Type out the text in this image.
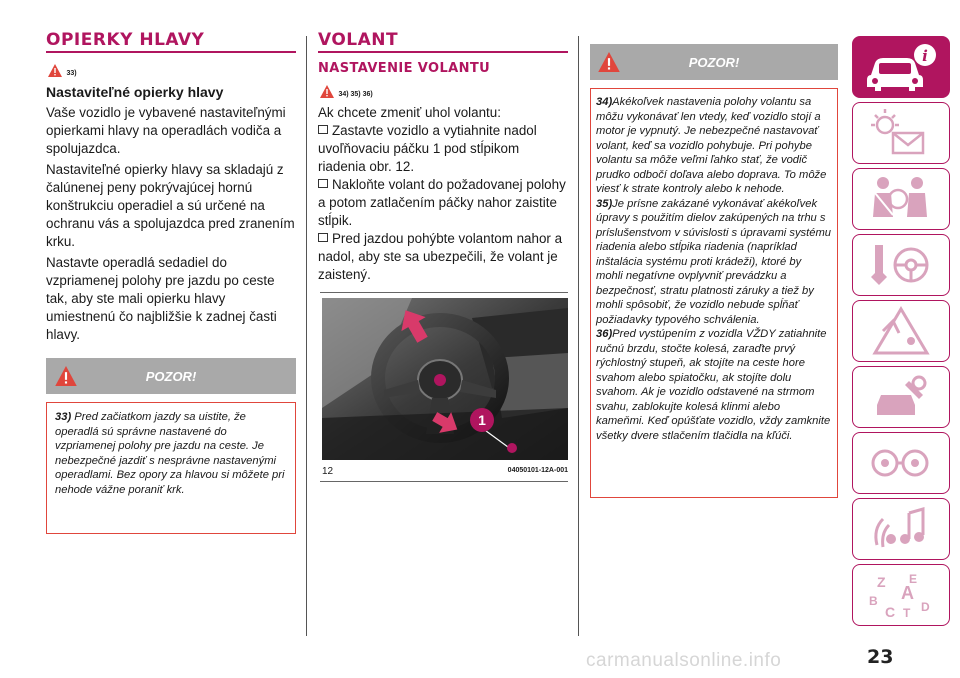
OPIERKY HLAVY
33)
Nastaviteľné opierky hlavy

Vaše vozidlo je vybavené nastaviteľnými opierkami hlavy na operadlách vodiča a spolujazdca.

Nastaviteľné opierky hlavy sa skladajú z čalúnenej peny pokrývajúcej hornú konštrukciu operadiel a sú určené na ochranu vás a spolujazdca pred zranením krku.

Nastavte operadlá sedadiel do vzpriamenej polohy pre jazdu po ceste tak, aby ste mali opierku hlavy umiestnenú čo najbližšie k zadnej časti hlavy.

POZOR!

33) Pred začiatkom jazdy sa uistite, že operadlá sú správne nastavené do vzpriamenej polohy pre jazdu na ceste. Je nebezpečné jazdiť s nesprávne nastavenými operadlami. Bez opory za hlavou si môžete pri nehode vážne poraniť krk.

VOLANT
NASTAVENIE VOLANTU
34) 35) 36)

Ak chcete zmeniť uhol volantu:

Zastavte vozidlo a vytiahnite nadol uvoľňovaciu páčku 1 pod stĺpikom riadenia obr. 12.

Nakloňte volant do požadovanej polohy a potom zatlačením páčky nahor zaistite stĺpik.

Pred jazdou pohýbte volantom nahor a nadol, aby ste sa ubezpečili, že volant je zaistený.

1
12	04050101-12A-001
POZOR!

34)Akékoľvek nastavenia polohy volantu sa môžu vykonávať len vtedy, keď vozidlo stojí a motor je vypnutý. Je nebezpečné nastavovať volant, keď sa vozidlo pohybuje. Pri pohybe volantu sa môže veľmi ľahko stať, že vodič prudko odbočí doľava alebo doprava. To môže viesť k strate kontroly alebo k nehode.

35)Je prísne zakázané vykonávať akékoľvek úpravy s použitím dielov zakúpených na trhu s príslušenstvom v súvislosti s úpravami systému riadenia alebo stĺpika riadenia (napríklad inštalácia systému proti krádeži), ktoré by mohli negatívne ovplyvniť prevádzku a bezpečnosť, stratu platnosti záruky a tiež by mohli spôsobiť, že vozidlo nebude spĺňať požiadavky typového schválenia.

36)Pred vystúpením z vozidla VŽDY zatiahnite ručnú brzdu, stočte kolesá, zaraďte prvý rýchlostný stupeň, ak stojíte na ceste hore svahom alebo spiatočku, ak stojíte dolu svahom. Ak je vozidlo odstavené na strmom svahu, zablokujte kolesá klinmi alebo kameňmi. Keď opúšťate vozidlo, vždy zamknite všetky dvere stlačením tlačidla na kľúči.

i
Z E
A
B
C T D
23
carmanualsonline.info
